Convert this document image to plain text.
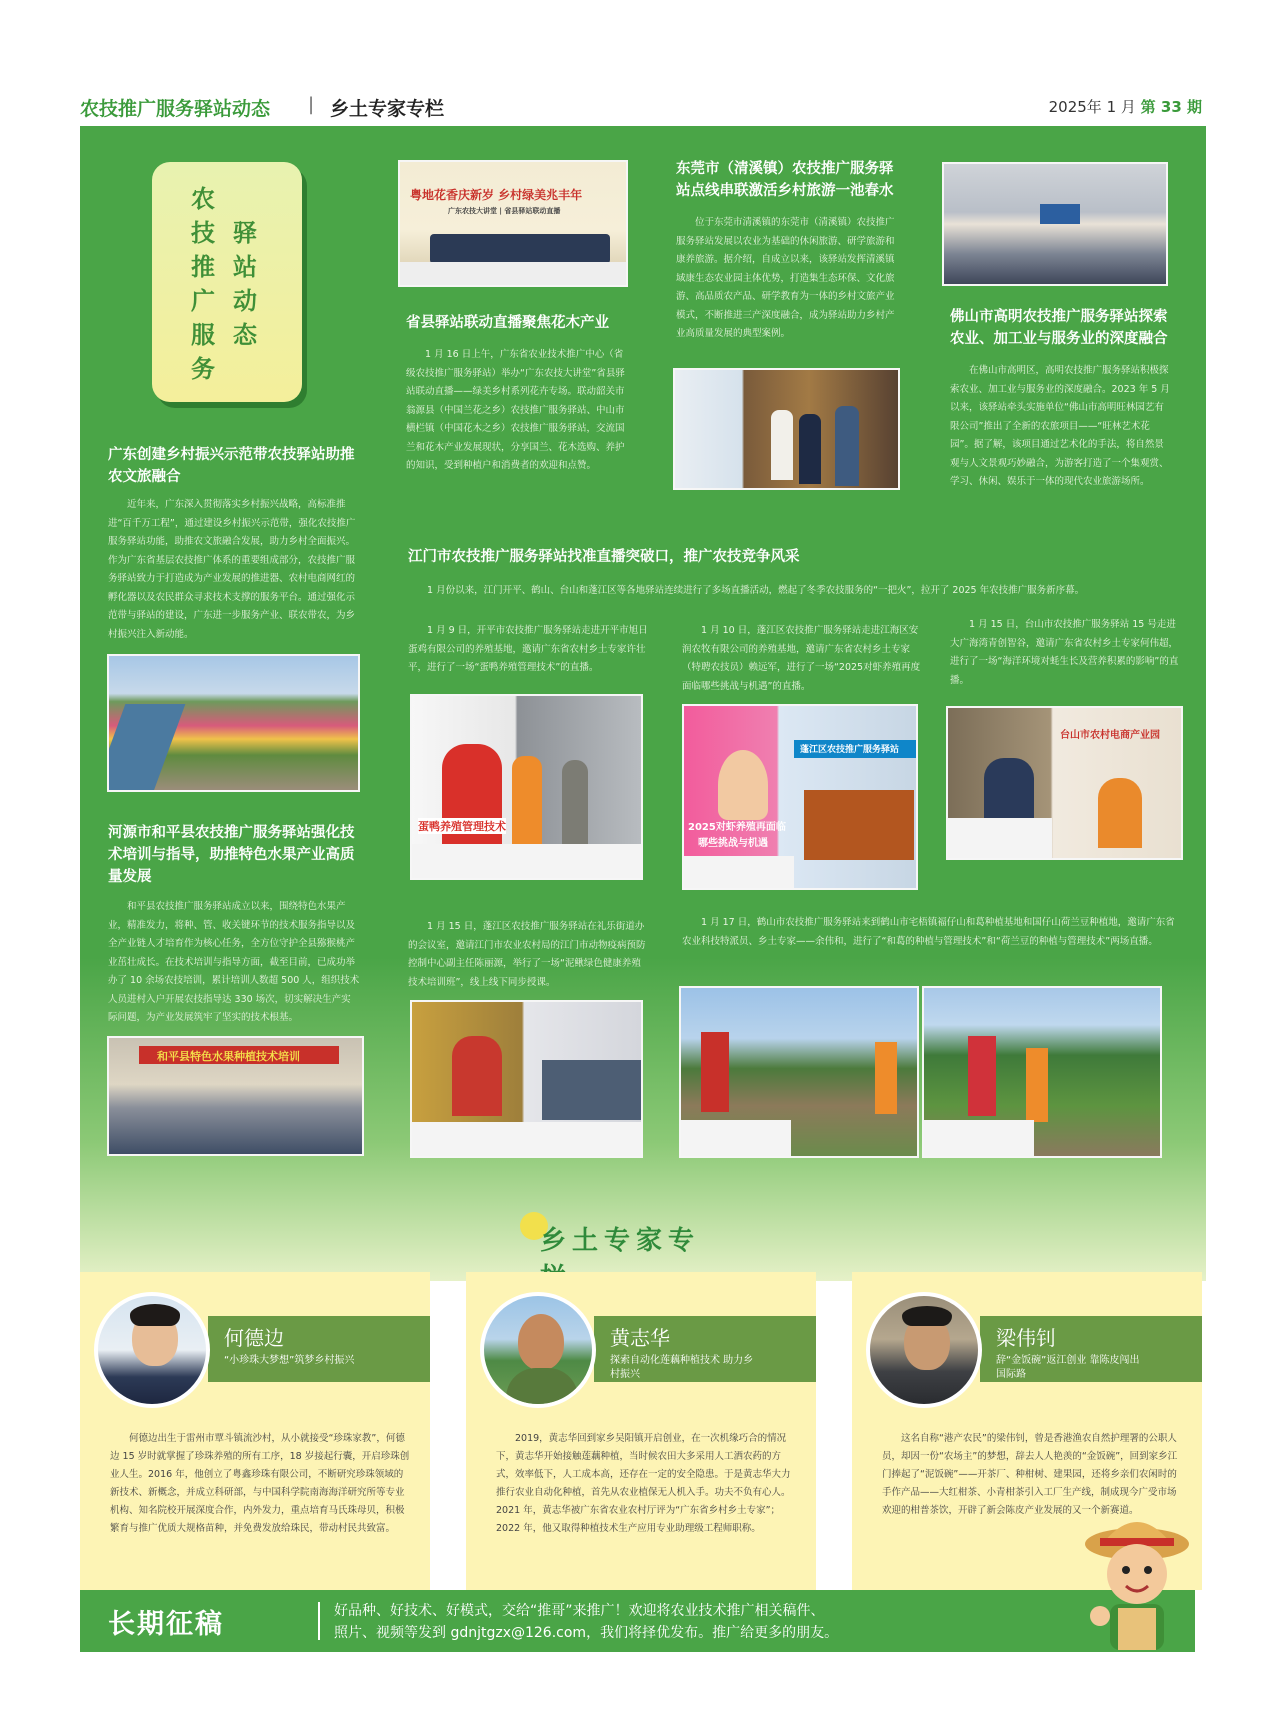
农技推广服务驿站动态 | 乡土专家专栏	2025年 1 月 第 33 期
农
技
推
广
服
务
驿
站
动
态
广东创建乡村振兴示范带农技驿站助推农文旅融合
近年来，广东深入贯彻落实乡村振兴战略，高标准推进“百千万工程”，通过建设乡村振兴示范带，强化农技推广服务驿站功能，助推农文旅融合发展，助力乡村全面振兴。作为广东省基层农技推广体系的重要组成部分，农技推广服务驿站致力于打造成为产业发展的推进器、农村电商网红的孵化器以及农民群众寻求技术支撑的服务平台。通过强化示范带与驿站的建设，广东进一步服务产业、联农带农，为乡村振兴注入新动能。
河源市和平县农技推广服务驿站强化技术培训与指导，助推特色水果产业高质量发展
和平县农技推广服务驿站成立以来，围绕特色水果产业，精准发力，将种、管、收关键环节的技术服务指导以及全产业链人才培育作为核心任务，全方位守护全县猕猴桃产业茁壮成长。在技术培训与指导方面，截至目前，已成功举办了 10 余场农技培训，累计培训人数超 500 人，组织技术人员进村入户开展农技指导达 330 场次，切实解决生产实际问题，为产业发展筑牢了坚实的技术根基。
和平县特色水果种植技术培训
粤地花香庆新岁 乡村绿美兆丰年
广东农技大讲堂 | 省县驿站联动直播
省县驿站联动直播聚焦花木产业
1 月 16 日上午，广东省农业技术推广中心（省级农技推广服务驿站）举办“广东农技大讲堂”省县驿站联动直播——绿美乡村系列花卉专场。联动韶关市翁源县（中国兰花之乡）农技推广服务驿站、中山市横栏镇（中国花木之乡）农技推广服务驿站，交流国兰和花木产业发展现状，分享国兰、花木选购、养护的知识，受到种植户和消费者的欢迎和点赞。
东莞市（清溪镇）农技推广服务驿站点线串联激活乡村旅游一池春水
位于东莞市清溪镇的东莞市（清溪镇）农技推广服务驿站发展以农业为基础的休闲旅游、研学旅游和康养旅游。据介绍，自成立以来，该驿站发挥清溪镇域康生态农业园主体优势，打造集生态环保、文化旅游、高品质农产品、研学教育为一体的乡村文旅产业模式，不断推进三产深度融合，成为驿站助力乡村产业高质量发展的典型案例。
佛山市高明农技推广服务驿站探索农业、加工业与服务业的深度融合
在佛山市高明区，高明农技推广服务驿站积极探索农业、加工业与服务业的深度融合。2023 年 5 月以来，该驿站牵头实施单位“佛山市高明旺林园艺有限公司”推出了全新的农旅项目——“旺林艺术花园”。据了解，该项目通过艺术化的手法，将自然景观与人文景观巧妙融合，为游客打造了一个集观赏、学习、休闲、娱乐于一体的现代农业旅游场所。
江门市农技推广服务驿站找准直播突破口，推广农技竞争风采
1 月份以来，江门开平、鹤山、台山和蓬江区等各地驿站连续进行了多场直播活动，燃起了冬季农技服务的“一把火”，拉开了 2025 年农技推广服务新序幕。
1 月 9 日，开平市农技推广服务驿站走进开平市旭日蛋鸡有限公司的养殖基地，邀请广东省农村乡土专家许壮平，进行了一场“蛋鸭养殖管理技术”的直播。
1 月 10 日，蓬江区农技推广服务驿站走进江海区安润农牧有限公司的养殖基地，邀请广东省农村乡土专家（特聘农技员）赖远军，进行了一场“2025对虾养殖再度面临哪些挑战与机遇”的直播。
1 月 15 日，台山市农技推广服务驿站 15 号走进大广海湾青创智谷，邀请广东省农村乡土专家何伟超，进行了一场“海洋环境对蚝生长及营养积累的影响”的直播。
蛋鸭养殖管理技术
蓬江区农技推广服务驿站
2025对虾养殖再面临
哪些挑战与机遇
台山市农村电商产业园
1 月 15 日，蓬江区农技推广服务驿站在礼乐街道办的会议室，邀请江门市农业农村局的江门市动物疫病预防控制中心副主任陈丽源，举行了一场“泥鳅绿色健康养殖技术培训班”，线上线下同步授课。
1 月 17 日，鹤山市农技推广服务驿站来到鹤山市宅梧镇福仔山和葛种植基地和国仔山荷兰豆种植地，邀请广东省农业科技特派员、乡土专家——余伟和，进行了“和葛的种植与管理技术”和“荷兰豆的种植与管理技术”两场直播。
乡土专家专
何德边
“小珍珠大梦想”筑梦乡村振兴
何德边出生于雷州市覃斗镇流沙村，从小就接受“珍珠家教”，何德边 15 岁时就掌握了珍珠养殖的所有工序，18 岁接起行囊，开启珍珠创业人生。2016 年，他创立了粤鑫珍珠有限公司，不断研究珍珠领域的新技术、新概念，并成立科研部，与中国科学院南海海洋研究所等专业机构、知名院校开展深度合作，内外发力，重点培育马氏珠母贝，积极繁育与推广优质大规格苗种，并免费发放给珠民，带动村民共致富。
黄志华
探索自动化莲藕种植技术 助力乡村振兴
2019，黄志华回到家乡吴阳镇开启创业，在一次机缘巧合的情况下，黄志华开始接触莲藕种植，当时候农田大多采用人工洒农药的方式，效率低下，人工成本高，还存在一定的安全隐患。于是黄志华大力推行农业自动化种植，首先从农业植保无人机入手。功夫不负有心人。2021 年，黄志华被广东省农业农村厅评为“广东省乡村乡土专家”；2022 年，他又取得种植技术生产应用专业助理级工程师职称。
梁伟钊
辞“金饭碗”返江创业 靠陈皮闯出国际路
这名自称“港产农民”的梁伟钊，曾是香港渔农自然护理署的公职人员，却因一份“农场主”的梦想，辞去人人艳羡的“金饭碗”，回到家乡江门捧起了“泥饭碗”——开茶厂、种柑树、建果园，还将乡亲们农闲时的手作产品——大红柑茶、小青柑茶引入工厂生产线，制成现今广受市场欢迎的柑普茶饮，开辟了新会陈皮产业发展的又一个新赛道。
长期征稿	好品种、好技术、好模式，交给“推哥”来推广！欢迎将农业技术推广相关稿件、
照片、视频等发到 gdnjtgzx@126.com，我们将择优发布。推广给更多的朋友。
